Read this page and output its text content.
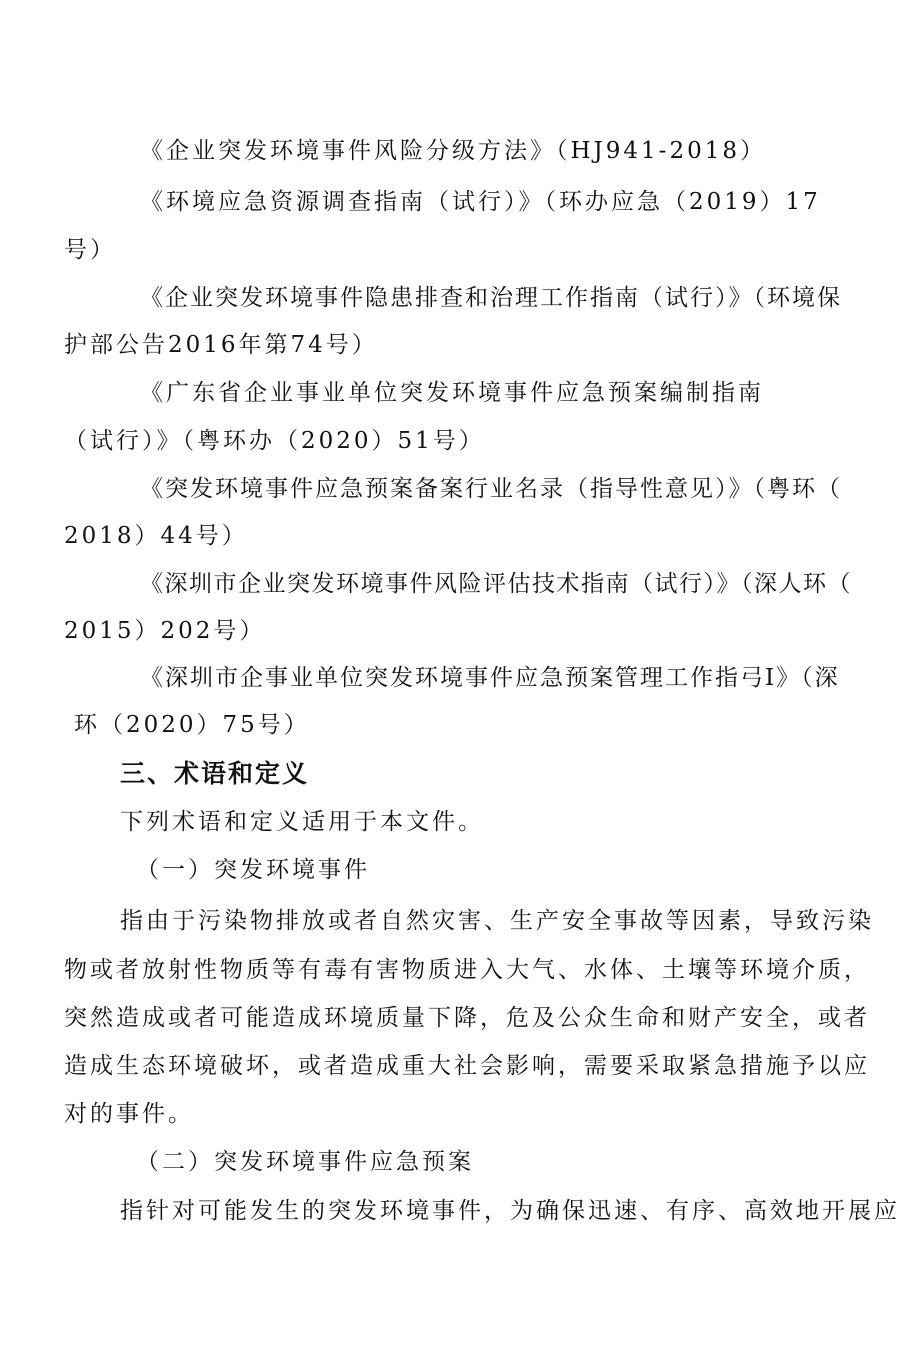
《企业突发环境事件风险分级方法》（HJ941-2018）
《环境应急资源调查指南（试行）》（环办应急（2019）17
号）
《企业突发环境事件隐患排查和治理工作指南（试行）》（环境保
护部公告2016年第74号）
《广东省企业事业单位突发环境事件应急预案编制指南
（试行）》（粤环办（2020）51号）
《突发环境事件应急预案备案行业名录（指导性意见）》（粤环（
2018）44号）
《深圳市企业突发环境事件风险评估技术指南（试行）》（深人环（
2015）202号）
《深圳市企事业单位突发环境事件应急预案管理工作指弓I》（深
环（2020）75号）
三、术语和定义
下列术语和定义适用于本文件。
（一）突发环境事件
指由于污染物排放或者自然灾害、生产安全事故等因素，导致污染
物或者放射性物质等有毒有害物质进入大气、水体、土壤等环境介质，
突然造成或者可能造成环境质量下降，危及公众生命和财产安全，或者
造成生态环境破坏，或者造成重大社会影响，需要采取紧急措施予以应
对的事件。
（二）突发环境事件应急预案
指针对可能发生的突发环境事件，为确保迅速、有序、高效地开展应
